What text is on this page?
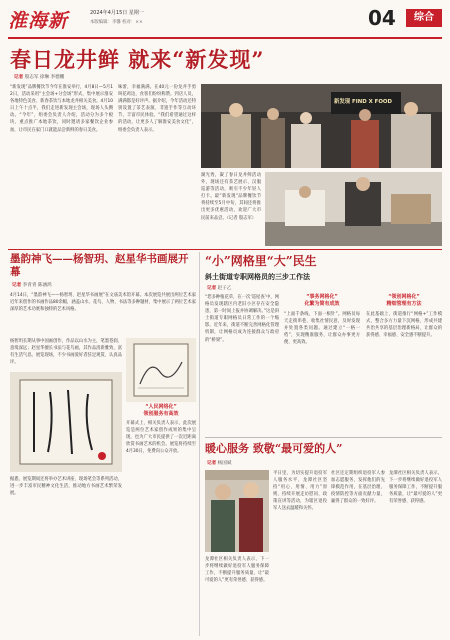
淮海新	2024年4月15日 星期一
本版编辑：李馨 校对：××	04	综合
春日龙井鲜 就来“新发现”
记者 殷志军 徐琳 李德鹏
“新发现”品牌餐饮节今年在淮安举行，4月8日—5月12日，活动采用“主会场+分会场”形式，集中展示淮安各地特色美食、新春茶饮与本地龙井相关美食。4月10日上午十点半，我们走进新发现主会场，现场人头攒动。“今年”，组委会负责人介绍，活动分为多个板块，重点推广本地茶饮，同时邀请多家餐饮企业参加，让市民在家门口就能品尝新鲜的春日美食。
味蕾，幸福满满。在40元一份龙井手剪叫花鸡边，食客们纷纷称赞。到店人员，满满都是好评声。据介绍，今年活动还特别设置了茶艺表演、非遗手作等互动环节，丰富市民体验。“我们希望通过这样的活动，让更多人了解淮安美食文化”，组委会负责人表示。
新发现 FIND X FOOD
湖光秀，凝了春日龙井鲜活动外，现场还有茶艺展示、汉服巡游等活动，吸引不少年轻人打卡。最”新发现”品牌餐饮节将持续至5月中旬，其间还将推出更多优惠活动，欢迎广大市民前来品尝。（记者 殷志军）
墨韵神飞——杨智玥、赵星华书画展开幕
记者 李青青 陈涵鸿
4月14日，“墨韵神飞——杨智玥、赵星华书画展”在文庙美术馆开幕。本次展览共展出两位艺术家近年来创作的书画作品80余幅，涵盖山水、花鸟、人物、书法等多种题材，集中展示了两位艺术家深厚的艺术功底和独特的艺术风格。
杨智玥长期从事中国画创作，作品以山水为主，笔墨苍润、意境深远；赵星华擅长书法与花鸟画，其作品清新雅致、富有生活气息。展览现场，不少书画爱好者驻足观赏、认真品评。
“人民网络化”
领创服务有高效
开幕式上，相关负责人表示，此次展览是两位艺术家创作成果的集中呈现，也为广大市民提供了一次近距离欣赏书画艺术的机会。展览将持续至4月30日，免费向公众开放。
据悉，展览期间还将举办艺术讲座、现场笔会等系列活动，进一步丰富市民精神文化生活，推动地方书画艺术繁荣发展。
“小”网格里“大”民生
斜土街道专职网格员的三步工作法
记者 赵子乙
“您多种植花草，在一次‘巡屋查’中，网格员发现辖区内老旧小区存在安全隐患，第一时间上报并协调解决。”这是斜土街道专职网格员日常工作的一个缩影。近年来，街道不断完善网格化管理机制，让网格员成为连接群众与政府的“桥梁”。
“事务网格化”
化繁为简有成效
“上面千条线，下面一根针”。网格员每天走街串巷，收集社情民意，及时发现并处置各类问题。通过建立“一格一档”，实现精准服务，让群众办事更方便、更高效。
“领创网格化”
精细管理有方法
在此基础上，街道推行“网格+”工作模式，整合多方力量下沉网格，形成共建共治共享的基层治理新格局，让群众的获得感、幸福感、安全感不断提升。
暖心服务 致敬“最可爱的人”
记者 杨国斌
平日里，为切实提升退役军人服务水平，龙潭社区坚持“用心、用情、用力”原则，持续开展走访慰问、政策宣讲等活动，为辖区退役军人送去温暖和关怀。
社区还定期组织退役军人参加志愿服务，发挥他们的先锋模范作用，在基层治理、疫情防控等方面贡献力量，赢得了群众的一致好评。
龙潭社区相关负责人表示，下一步将继续做好退役军人服务保障工作，不断提升服务质量，让“最可爱的人”更有荣誉感、获得感。
龙潭社区相关负责人表示，下一步将继续做好退役军人服务保障工作，不断提升服务质量，让“最可爱的人”更有荣誉感、获得感。
